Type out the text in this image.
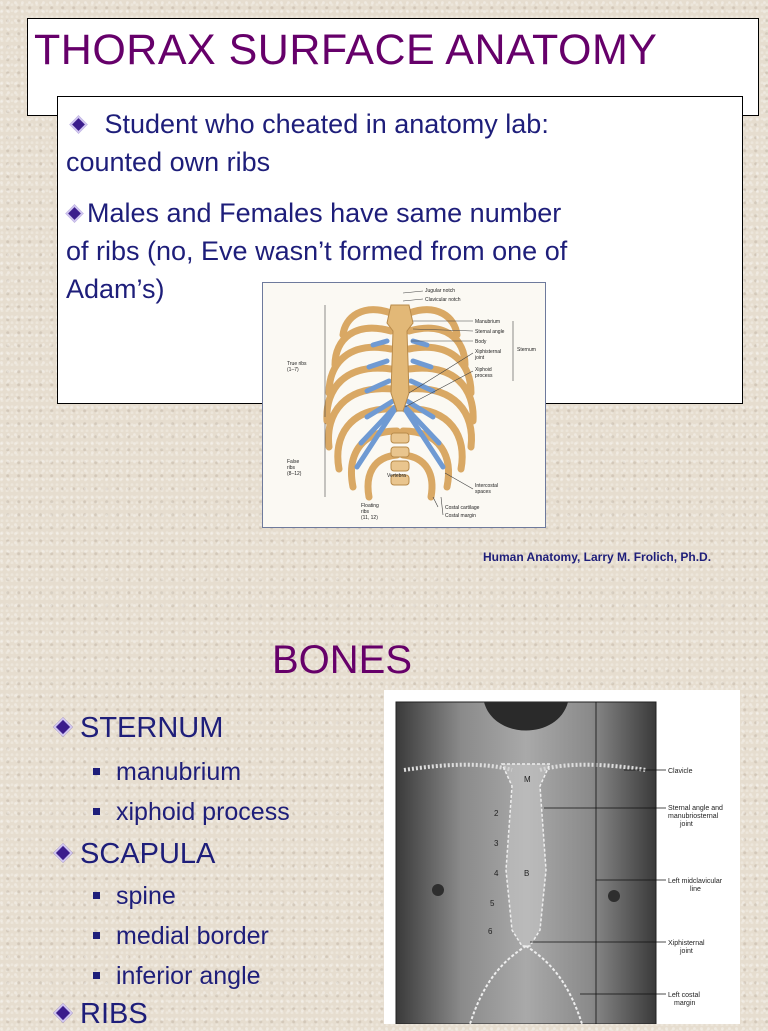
THORAX SURFACE ANATOMY
Student who cheated in anatomy lab:
counted own ribs
Males and Females have same number
of ribs (no, Eve wasn’t formed from one of
Adam’s)	Jugular notch
Clavicular notch
Manubrium
Sternal angle
Body
Xiphisternal
joint
Xiphoid
process
Sternum
True ribs
(1–7)
False
ribs
(8–12)	Vertebra
Floating
ribs
(11, 12)
Intercostal
spaces
Costal cartilage
Costal margin
Human Anatomy, Larry M. Frolich, Ph.D.
BONES
STERNUM
manubrium
xiphoid process
SCAPULA
spine
medial border
inferior angle
RIBS
Clavicle
Sternal angle and
manubriosternal
joint
Left midclavicular
line
Xiphisternal
joint
Left costal
margin
M
B
2
3
4
5
6
